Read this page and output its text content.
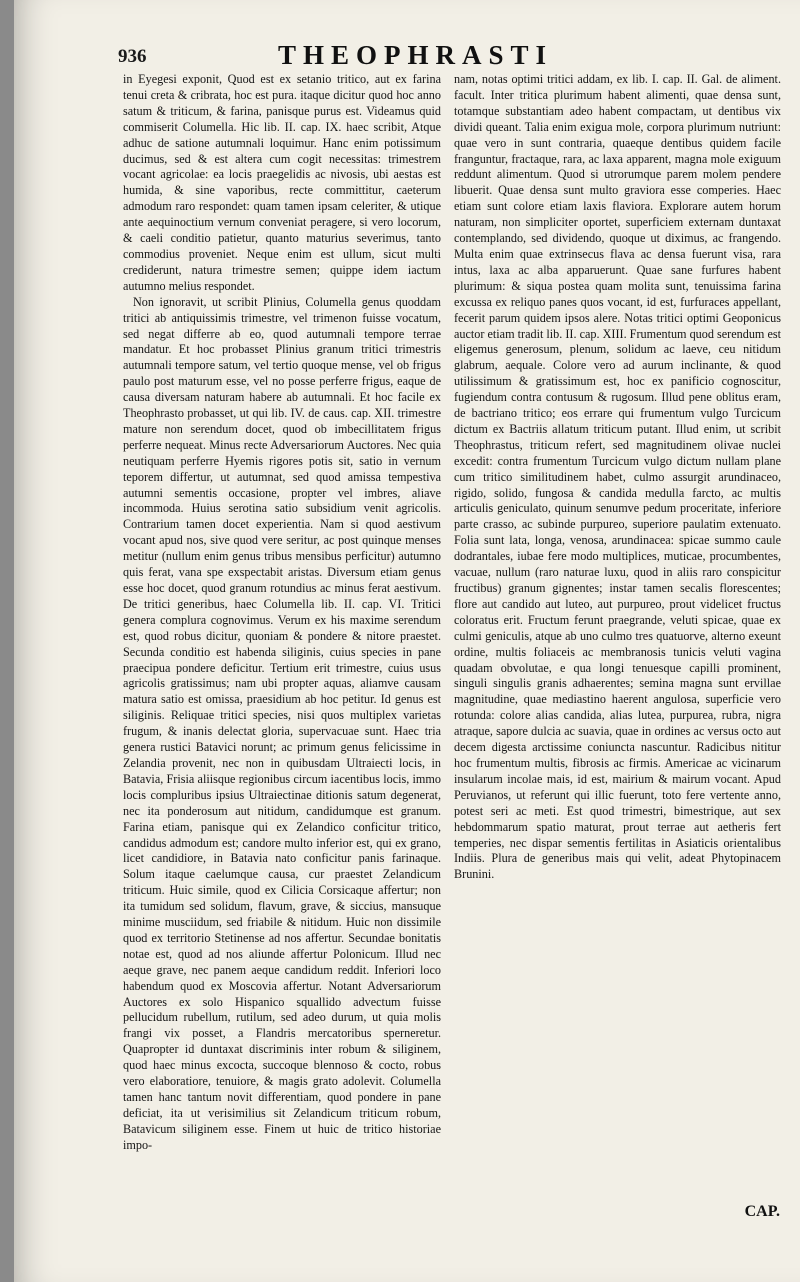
936	THEOPHRASTI

in Eyegesi exponit, Quod est ex setanio tritico, aut ex farina tenui creta & cribrata, hoc est pura. itaque dicitur quod hoc anno satum & triticum, & farina, panisque purus est. Videamus quid commiserit Columella. Hic lib. II. cap. IX. haec scribit, Atque adhuc de satione autumnali loquimur. Hanc enim potissimum ducimus, sed & est altera cum cogit necessitas: trimestrem vocant agricolae: ea locis praegelidis ac nivosis, ubi aestas est humida, & sine vaporibus, recte committitur, caeterum admodum raro respondet: quam tamen ipsam celeriter, & utique ante aequinoctium vernum conveniat peragere, si vero locorum, & caeli conditio patietur, quanto maturius severimus, tanto commodius proveniet. Neque enim est ullum, sicut multi crediderunt, natura trimestre semen; quippe idem iactum autumno melius respondet.

Non ignoravit, ut scribit Plinius, Columella genus quoddam tritici ab antiquissimis trimestre, vel trimenon fuisse vocatum, sed negat differre ab eo, quod autumnali tempore terrae mandatur. Et hoc probasset Plinius granum tritici trimestris autumnali tempore satum, vel tertio quoque mense, vel ob frigus paulo post maturum esse, vel no posse perferre frigus, eaque de causa diversam naturam habere ab autumnali. Et hoc facile ex Theophrasto probasset, ut qui lib. IV. de caus. cap. XII. trimestre mature non serendum docet, quod ob imbecillitatem frigus perferre nequeat. Minus recte Adversariorum Auctores. Nec quia neutiquam perferre Hyemis rigores potis sit, satio in vernum teporem differtur, ut autumnat, sed quod amissa tempestiva autumni sementis occasione, propter vel imbres, aliave incommoda. Huius serotina satio subsidium venit agricolis. Contrarium tamen docet experientia. Nam si quod aestivum vocant apud nos, sive quod vere seritur, ac post quinque menses metitur (nullum enim genus tribus mensibus perficitur) autumno quis ferat, vana spe exspectabit aristas. Diversum etiam genus esse hoc docet, quod granum rotundius ac minus ferat aestivum. De tritici generibus, haec Columella lib. II. cap. VI. Tritici genera complura cognovimus. Verum ex his maxime serendum est, quod robus dicitur, quoniam & pondere & nitore praestet. Secunda conditio est habenda siliginis, cuius species in pane praecipua pondere deficitur. Tertium erit trimestre, cuius usus agricolis gratissimus; nam ubi propter aquas, aliamve causam matura satio est omissa, praesidium ab hoc petitur. Id genus est siliginis. Reliquae tritici species, nisi quos multiplex varietas frugum, & inanis delectat gloria, supervacuae sunt. Haec tria genera rustici Batavici norunt; ac primum genus felicissime in Zelandia provenit, nec non in quibusdam Ultraiecti locis, in Batavia, Frisia aliisque regionibus circum iacentibus locis, immo locis compluribus ipsius Ultraiectinae ditionis satum degenerat, nec ita ponderosum aut nitidum, candidumque est granum. Farina etiam, panisque qui ex Zelandico conficitur tritico, candidus admodum est; candore multo inferior est, qui ex grano, licet candidiore, in Batavia nato conficitur panis farinaque. Solum itaque caelumque causa, cur praestet Zelandicum triticum. Huic simile, quod ex Cilicia Corsicaque affertur; non ita tumidum sed solidum, flavum, grave, & siccius, mansuque minime musciidum, sed friabile & nitidum. Huic non dissimile quod ex territorio Stetinense ad nos affertur. Secundae bonitatis notae est, quod ad nos aliunde affertur Polonicum. Illud nec aeque grave, nec panem aeque candidum reddit. Inferiori loco habendum quod ex Moscovia affertur. Notant Adversariorum Auctores ex solo Hispanico squallido advectum fuisse pellucidum rubellum, rutilum, sed adeo durum, ut quia molis frangi vix posset, a Flandris mercatoribus sperneretur. Quapropter id duntaxat discriminis inter robum & siliginem, quod haec minus excocta, succoque blennoso & cocto, robus vero elaboratiore, tenuiore, & magis grato adolevit. Columella tamen hanc tantum novit differentiam, quod pondere in pane deficiat, ita ut verisimilius sit Zelandicum triticum robum, Batavicum siliginem esse. Finem ut huic de tritico historiae impo-

nam, notas optimi tritici addam, ex lib. I. cap. II. Gal. de aliment. facult. Inter tritica plurimum habent alimenti, quae densa sunt, totamque substantiam adeo habent compactam, ut dentibus vix dividi queant. Talia enim exigua mole, corpora plurimum nutriunt: quae vero in sunt contraria, quaeque dentibus quidem facile franguntur, fractaque, rara, ac laxa apparent, magna mole exiguum reddunt alimentum. Quod si utrorumque parem molem pendere libuerit. Quae densa sunt multo graviora esse comperies. Haec etiam sunt colore etiam laxis flaviora. Explorare autem horum naturam, non simpliciter oportet, superficiem externam duntaxat contemplando, sed dividendo, quoque ut diximus, ac frangendo. Multa enim quae extrinsecus flava ac densa fuerunt visa, rara intus, laxa ac alba apparuerunt. Quae sane furfures habent plurimum: & siqua postea quam molita sunt, tenuissima farina excussa ex reliquo panes quos vocant, id est, furfuraces appellant, fecerit parum quidem ipsos alere. Notas tritici optimi Geoponicus auctor etiam tradit lib. II. cap. XIII. Frumentum quod serendum est eligemus generosum, plenum, solidum ac laeve, ceu nitidum glabrum, aequale. Colore vero ad aurum inclinante, & quod utilissimum & gratissimum est, hoc ex panificio cognoscitur, fugiendum contra contusum & rugosum. Illud pene oblitus eram, de bactriano tritico; eos errare qui frumentum vulgo Turcicum dictum ex Bactriis allatum triticum putant. Illud enim, ut scribit Theophrastus, triticum refert, sed magnitudinem olivae nuclei excedit: contra frumentum Turcicum vulgo dictum nullam plane cum tritico similitudinem habet, culmo assurgit arundinaceo, rigido, solido, fungosa & candida medulla farcto, ac multis articulis geniculato, quinum senumve pedum proceritate, inferiore parte crasso, ac subinde purpureo, superiore paulatim extenuato. Folia sunt lata, longa, venosa, arundinacea: spicae summo caule dodrantales, iubae fere modo multiplices, muticae, procumbentes, vacuae, nullum (raro naturae luxu, quod in aliis raro conspicitur fructibus) granum gignentes; instar tamen secalis florescentes; flore aut candido aut luteo, aut purpureo, prout videlicet fructus coloratus erit. Fructum ferunt praegrande, veluti spicae, quae ex culmi geniculis, atque ab uno culmo tres quatuorve, alterno exeunt ordine, multis foliaceis ac membranosis tunicis veluti vagina quadam obvolutae, e qua longi tenuesque capilli prominent, singuli singulis granis adhaerentes; semina magna sunt ervillae magnitudine, quae mediastino haerent angulosa, superficie vero rotunda: colore alias candida, alias lutea, purpurea, rubra, nigra atraque, sapore dulcia ac suavia, quae in ordines ac versus octo aut decem digesta arctissime coniuncta nascuntur. Radicibus nititur hoc frumentum multis, fibrosis ac firmis. Americae ac vicinarum insularum incolae mais, id est, mairium & mairum vocant. Apud Peruvianos, ut referunt qui illic fuerunt, toto fere vertente anno, potest seri ac meti. Est quod trimestri, bimestrique, aut sex hebdommarum spatio maturat, prout terrae aut aetheris fert temperies, nec dispar sementis fertilitas in Asiaticis orientalibus Indiis. Plura de generibus mais qui velit, adeat Phytopinacem Brunini.

CAP.
